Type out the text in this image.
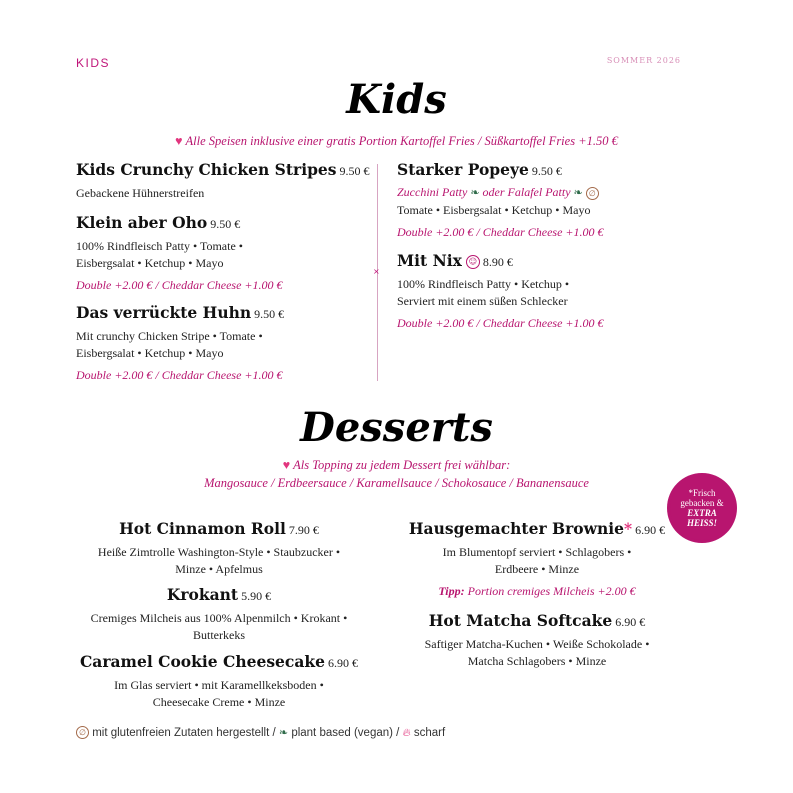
KIDS	SOMMER 2026
Kids
♥ Alle Speisen inklusive einer gratis Portion Kartoffel Fries / Süßkartoffel Fries +1.50 €
×
Kids Crunchy Chicken Stripes 9.50 €
Gebackene Hühnerstreifen
Klein aber Oho 9.50 €
100% Rindfleisch Patty • Tomate •
Eisbergsalat • Ketchup • Mayo
Double +2.00 € / Cheddar Cheese +1.00 €
Das verrückte Huhn 9.50 €
Mit crunchy Chicken Stripe • Tomate •
Eisbergsalat • Ketchup • Mayo
Double +2.00 € / Cheddar Cheese +1.00 €
Starker Popeye 9.50 €
Zucchini Patty ❧ oder Falafel Patty ❧ ∅
Tomate • Eisbergsalat • Ketchup • Mayo
Double +2.00 € / Cheddar Cheese +1.00 €
Mit Nix ☺ 8.90 €
100% Rindfleisch Patty • Ketchup •
Serviert mit einem süßen Schlecker
Double +2.00 € / Cheddar Cheese +1.00 €
Desserts
♥ Als Topping zu jedem Dessert frei wählbar:
Mangosauce / Erdbeersauce / Karamellsauce / Schokosauce / Bananensauce
*Frisch
gebacken &
EXTRA
HEISS!
Hot Cinnamon Roll 7.90 €
Heiße Zimtrolle Washington-Style • Staubzucker •
Minze • Apfelmus
Krokant 5.90 €
Cremiges Milcheis aus 100% Alpenmilch • Krokant •
Butterkeks
Caramel Cookie Cheesecake 6.90 €
Im Glas serviert • mit Karamellkeksboden •
Cheesecake Creme • Minze
Hausgemachter Brownie* 6.90 €
Im Blumentopf serviert • Schlagobers •
Erdbeere • Minze
Tipp: Portion cremiges Milcheis +2.00 €
Hot Matcha Softcake 6.90 €
Saftiger Matcha-Kuchen • Weiße Schokolade •
Matcha Schlagobers • Minze
∅ mit glutenfreien Zutaten hergestellt / ❧ plant based (vegan) / 🔥︎ scharf
